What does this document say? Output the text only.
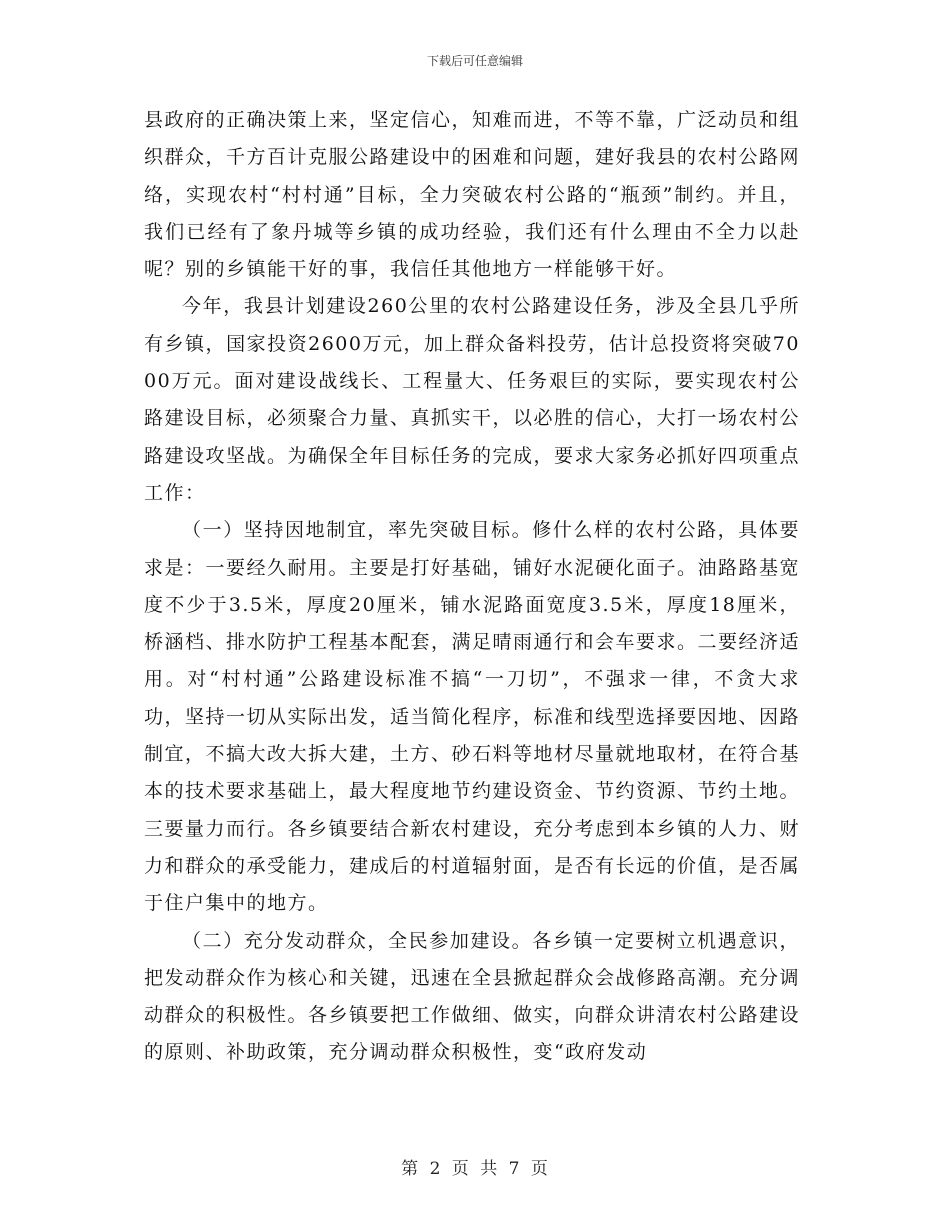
下载后可任意编辑

县政府的正确决策上来，坚定信心，知难而进，不等不靠，广泛动员和组织群众，千方百计克服公路建设中的困难和问题，建好我县的农村公路网络，实现农村“村村通”目标，全力突破农村公路的“瓶颈”制约。并且，我们已经有了象丹城等乡镇的成功经验，我们还有什么理由不全力以赴呢？别的乡镇能干好的事，我信任其他地方一样能够干好。

今年，我县计划建设260公里的农村公路建设任务，涉及全县几乎所有乡镇，国家投资2600万元，加上群众备料投劳，估计总投资将突破7000万元。面对建设战线长、工程量大、任务艰巨的实际，要实现农村公路建设目标，必须聚合力量、真抓实干，以必胜的信心，大打一场农村公路建设攻坚战。为确保全年目标任务的完成，要求大家务必抓好四项重点工作：

（一）坚持因地制宜，率先突破目标。修什么样的农村公路，具体要求是：一要经久耐用。主要是打好基础，铺好水泥硬化面子。油路路基宽度不少于3.5米，厚度20厘米，铺水泥路面宽度3.5米，厚度18厘米，桥涵档、排水防护工程基本配套，满足晴雨通行和会车要求。二要经济适用。对“村村通”公路建设标准不搞“一刀切”，不强求一律，不贪大求功，坚持一切从实际出发，适当简化程序，标准和线型选择要因地、因路制宜，不搞大改大拆大建，土方、砂石料等地材尽量就地取材，在符合基本的技术要求基础上，最大程度地节约建设资金、节约资源、节约土地。三要量力而行。各乡镇要结合新农村建设，充分考虑到本乡镇的人力、财力和群众的承受能力，建成后的村道辐射面，是否有长远的价值，是否属于住户集中的地方。

（二）充分发动群众，全民参加建设。各乡镇一定要树立机遇意识，把发动群众作为核心和关键，迅速在全县掀起群众会战修路高潮。充分调动群众的积极性。各乡镇要把工作做细、做实，向群众讲清农村公路建设的原则、补助政策，充分调动群众积极性，变“政府发动

第 2 页 共 7 页
